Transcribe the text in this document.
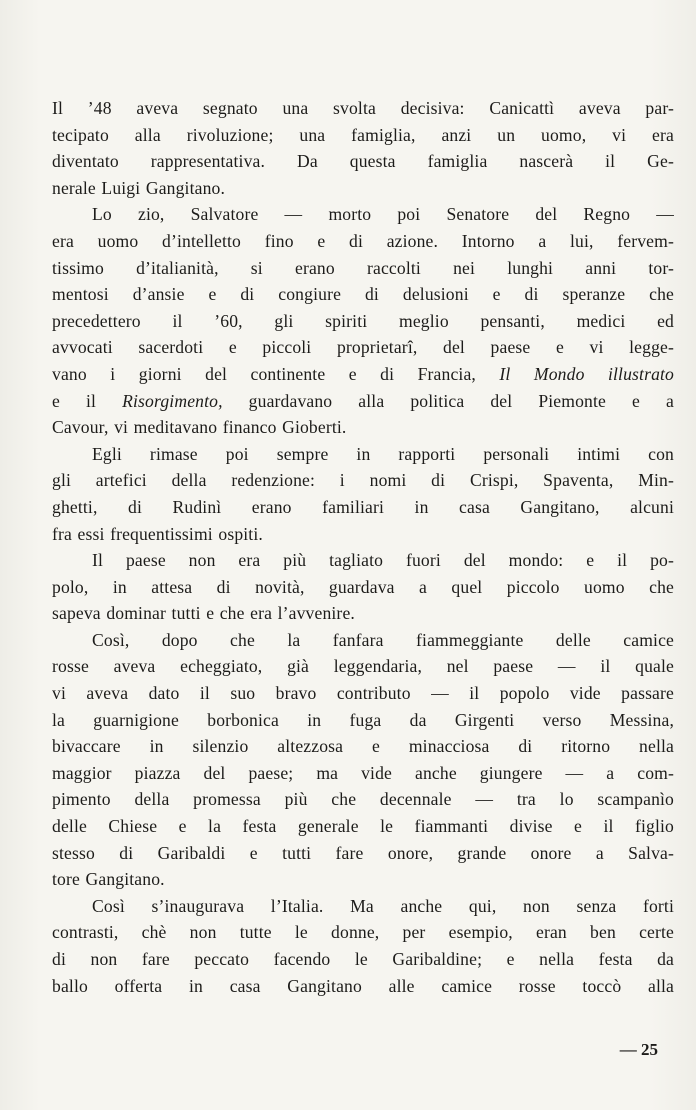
Il ’48 aveva segnato una svolta decisiva: Canicattì aveva par-
tecipato alla rivoluzione; una famiglia, anzi un uomo, vi era
diventato rappresentativa. Da questa famiglia nascerà il Ge-
nerale Luigi Gangitano.

Lo zio, Salvatore — morto poi Senatore del Regno —
era uomo d’intelletto fino e di azione. Intorno a lui, fervem-
tissimo d’italianità, si erano raccolti nei lunghi anni tor-
mentosi d’ansie e di congiure di delusioni e di speranze che
precedettero il ’60, gli spiriti meglio pensanti, medici ed
avvocati sacerdoti e piccoli proprietarî, del paese e vi legge-
vano i giorni del continente e di Francia, Il Mondo illustrato
e il Risorgimento, guardavano alla politica del Piemonte e a
Cavour, vi meditavano financo Gioberti.

Egli rimase poi sempre in rapporti personali intimi con
gli artefici della redenzione: i nomi di Crispi, Spaventa, Min-
ghetti, di Rudinì erano familiari in casa Gangitano, alcuni
fra essi frequentissimi ospiti.

Il paese non era più tagliato fuori del mondo: e il po-
polo, in attesa di novità, guardava a quel piccolo uomo che
sapeva dominar tutti e che era l’avvenire.

Così, dopo che la fanfara fiammeggiante delle camice
rosse aveva echeggiato, già leggendaria, nel paese — il quale
vi aveva dato il suo bravo contributo — il popolo vide passare
la guarnigione borbonica in fuga da Girgenti verso Messina,
bivaccare in silenzio altezzosa e minacciosa di ritorno nella
maggior piazza del paese; ma vide anche giungere — a com-
pimento della promessa più che decennale — tra lo scampanìo
delle Chiese e la festa generale le fiammanti divise e il figlio
stesso di Garibaldi e tutti fare onore, grande onore a Salva-
tore Gangitano.

Così s’inaugurava l’Italia. Ma anche qui, non senza forti
contrasti, chè non tutte le donne, per esempio, eran ben certe
di non fare peccato facendo le Garibaldine; e nella festa da
ballo offerta in casa Gangitano alle camice rosse toccò alla

— 25
